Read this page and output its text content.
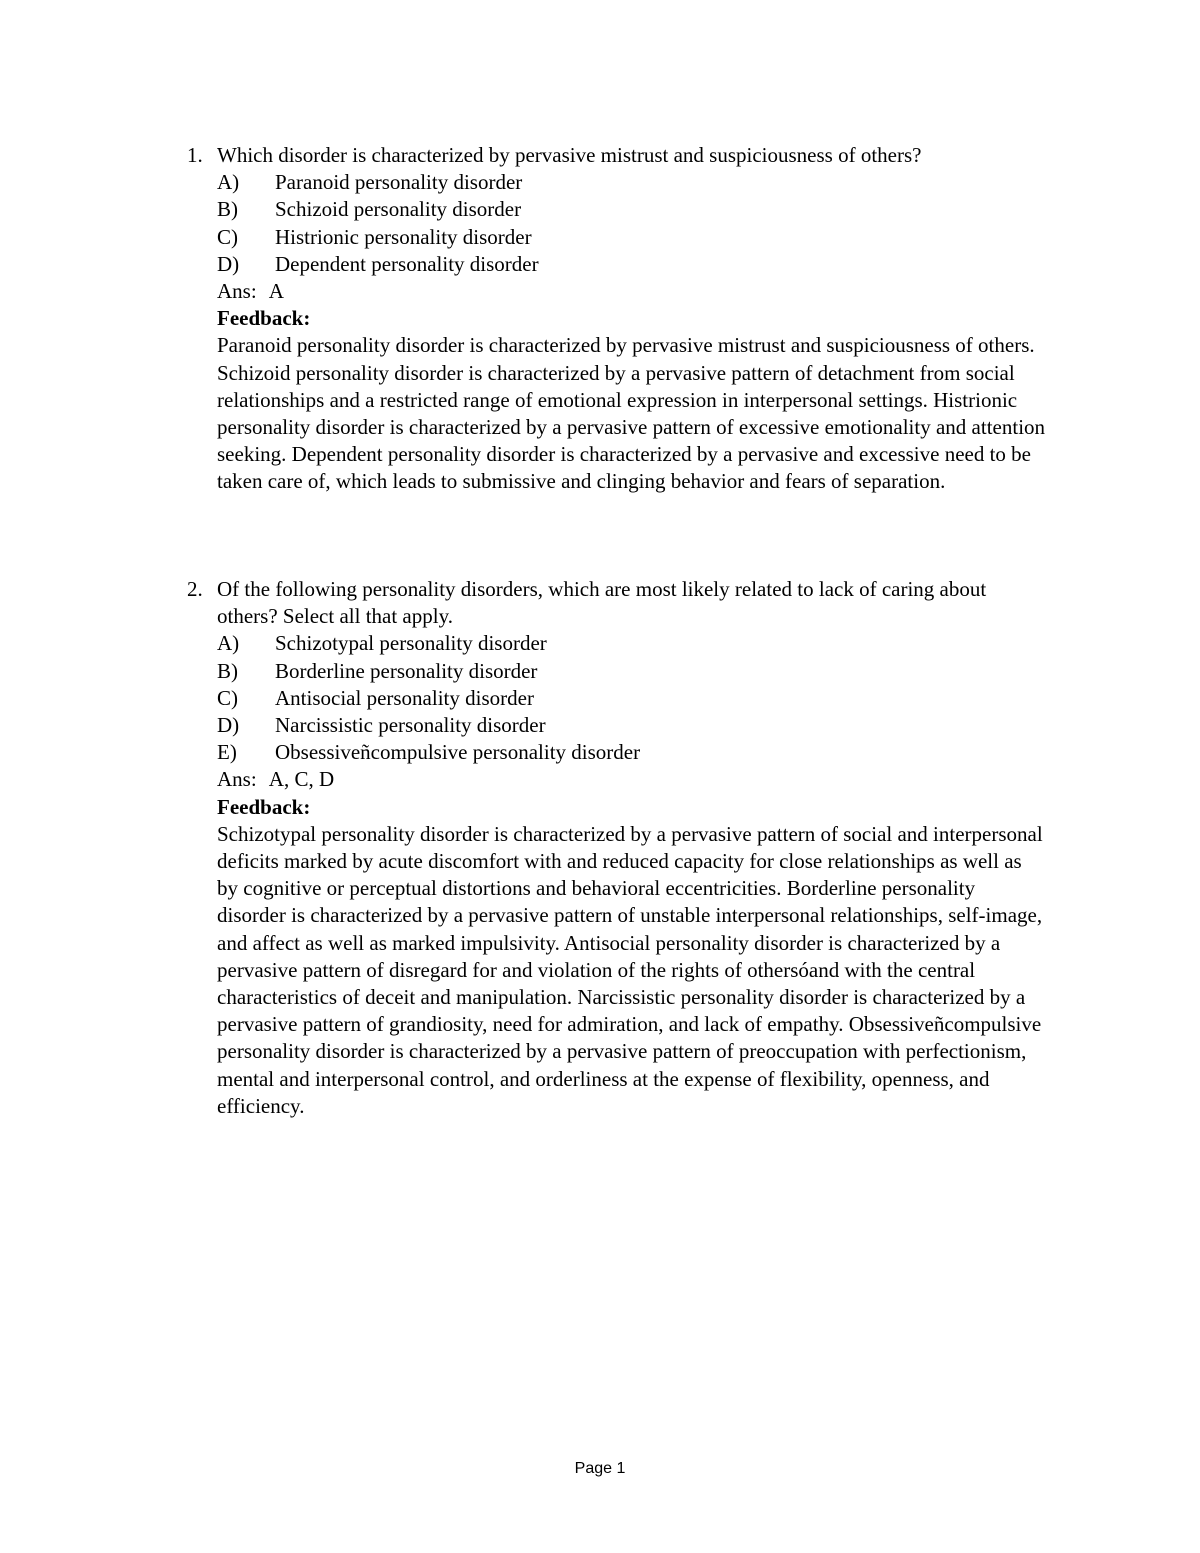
1. Which disorder is characterized by pervasive mistrust and suspiciousness of others?
A)	Paranoid personality disorder
B)	Schizoid personality disorder
C)	Histrionic personality disorder
D)	Dependent personality disorder
Ans: A
Feedback:
Paranoid personality disorder is characterized by pervasive mistrust and suspiciousness of others. Schizoid personality disorder is characterized by a pervasive pattern of detachment from social relationships and a restricted range of emotional expression in interpersonal settings. Histrionic personality disorder is characterized by a pervasive pattern of excessive emotionality and attention seeking. Dependent personality disorder is characterized by a pervasive and excessive need to be taken care of, which leads to submissive and clinging behavior and fears of separation.
2. Of the following personality disorders, which are most likely related to lack of caring about others? Select all that apply.
A)	Schizotypal personality disorder
B)	Borderline personality disorder
C)	Antisocial personality disorder
D)	Narcissistic personality disorder
E)	Obsessiveñcompulsive personality disorder
Ans: A, C, D
Feedback:
Schizotypal personality disorder is characterized by a pervasive pattern of social and interpersonal deficits marked by acute discomfort with and reduced capacity for close relationships as well as by cognitive or perceptual distortions and behavioral eccentricities. Borderline personality disorder is characterized by a pervasive pattern of unstable interpersonal relationships, self-image, and affect as well as marked impulsivity. Antisocial personality disorder is characterized by a pervasive pattern of disregard for and violation of the rights of othersóand with the central characteristics of deceit and manipulation. Narcissistic personality disorder is characterized by a pervasive pattern of grandiosity, need for admiration, and lack of empathy. Obsessiveñcompulsive personality disorder is characterized by a pervasive pattern of preoccupation with perfectionism, mental and interpersonal control, and orderliness at the expense of flexibility, openness, and efficiency.
Page 1
